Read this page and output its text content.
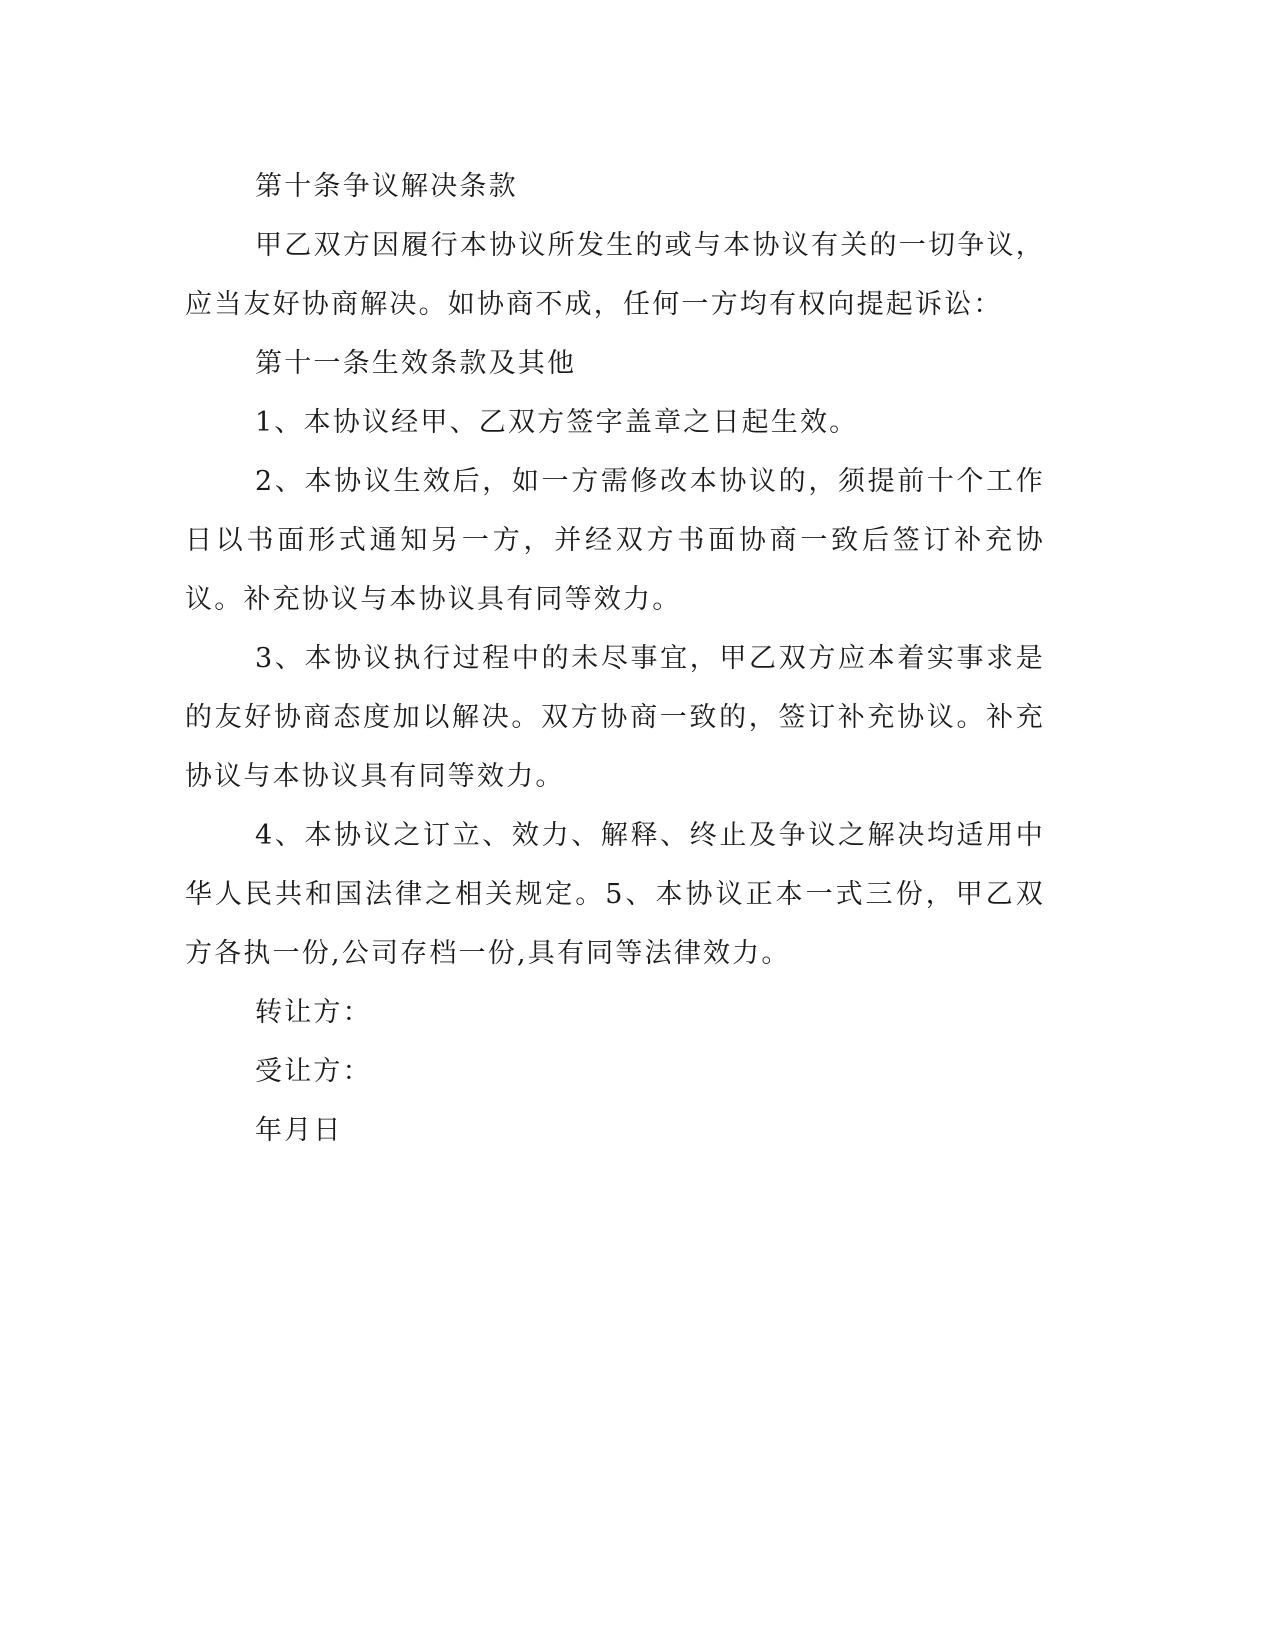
第十条争议解决条款

甲乙双方因履行本协议所发生的或与本协议有关的一切争议，应当友好协商解决。如协商不成，任何一方均有权向提起诉讼：

第十一条生效条款及其他

1、本协议经甲、乙双方签字盖章之日起生效。

2、本协议生效后，如一方需修改本协议的，须提前十个工作日以书面形式通知另一方，并经双方书面协商一致后签订补充协议。补充协议与本协议具有同等效力。

3、本协议执行过程中的未尽事宜，甲乙双方应本着实事求是的友好协商态度加以解决。双方协商一致的，签订补充协议。补充协议与本协议具有同等效力。

4、本协议之订立、效力、解释、终止及争议之解决均适用中华人民共和国法律之相关规定。5、本协议正本一式三份，甲乙双方各执一份,公司存档一份,具有同等法律效力。

转让方：

受让方：

年月日
